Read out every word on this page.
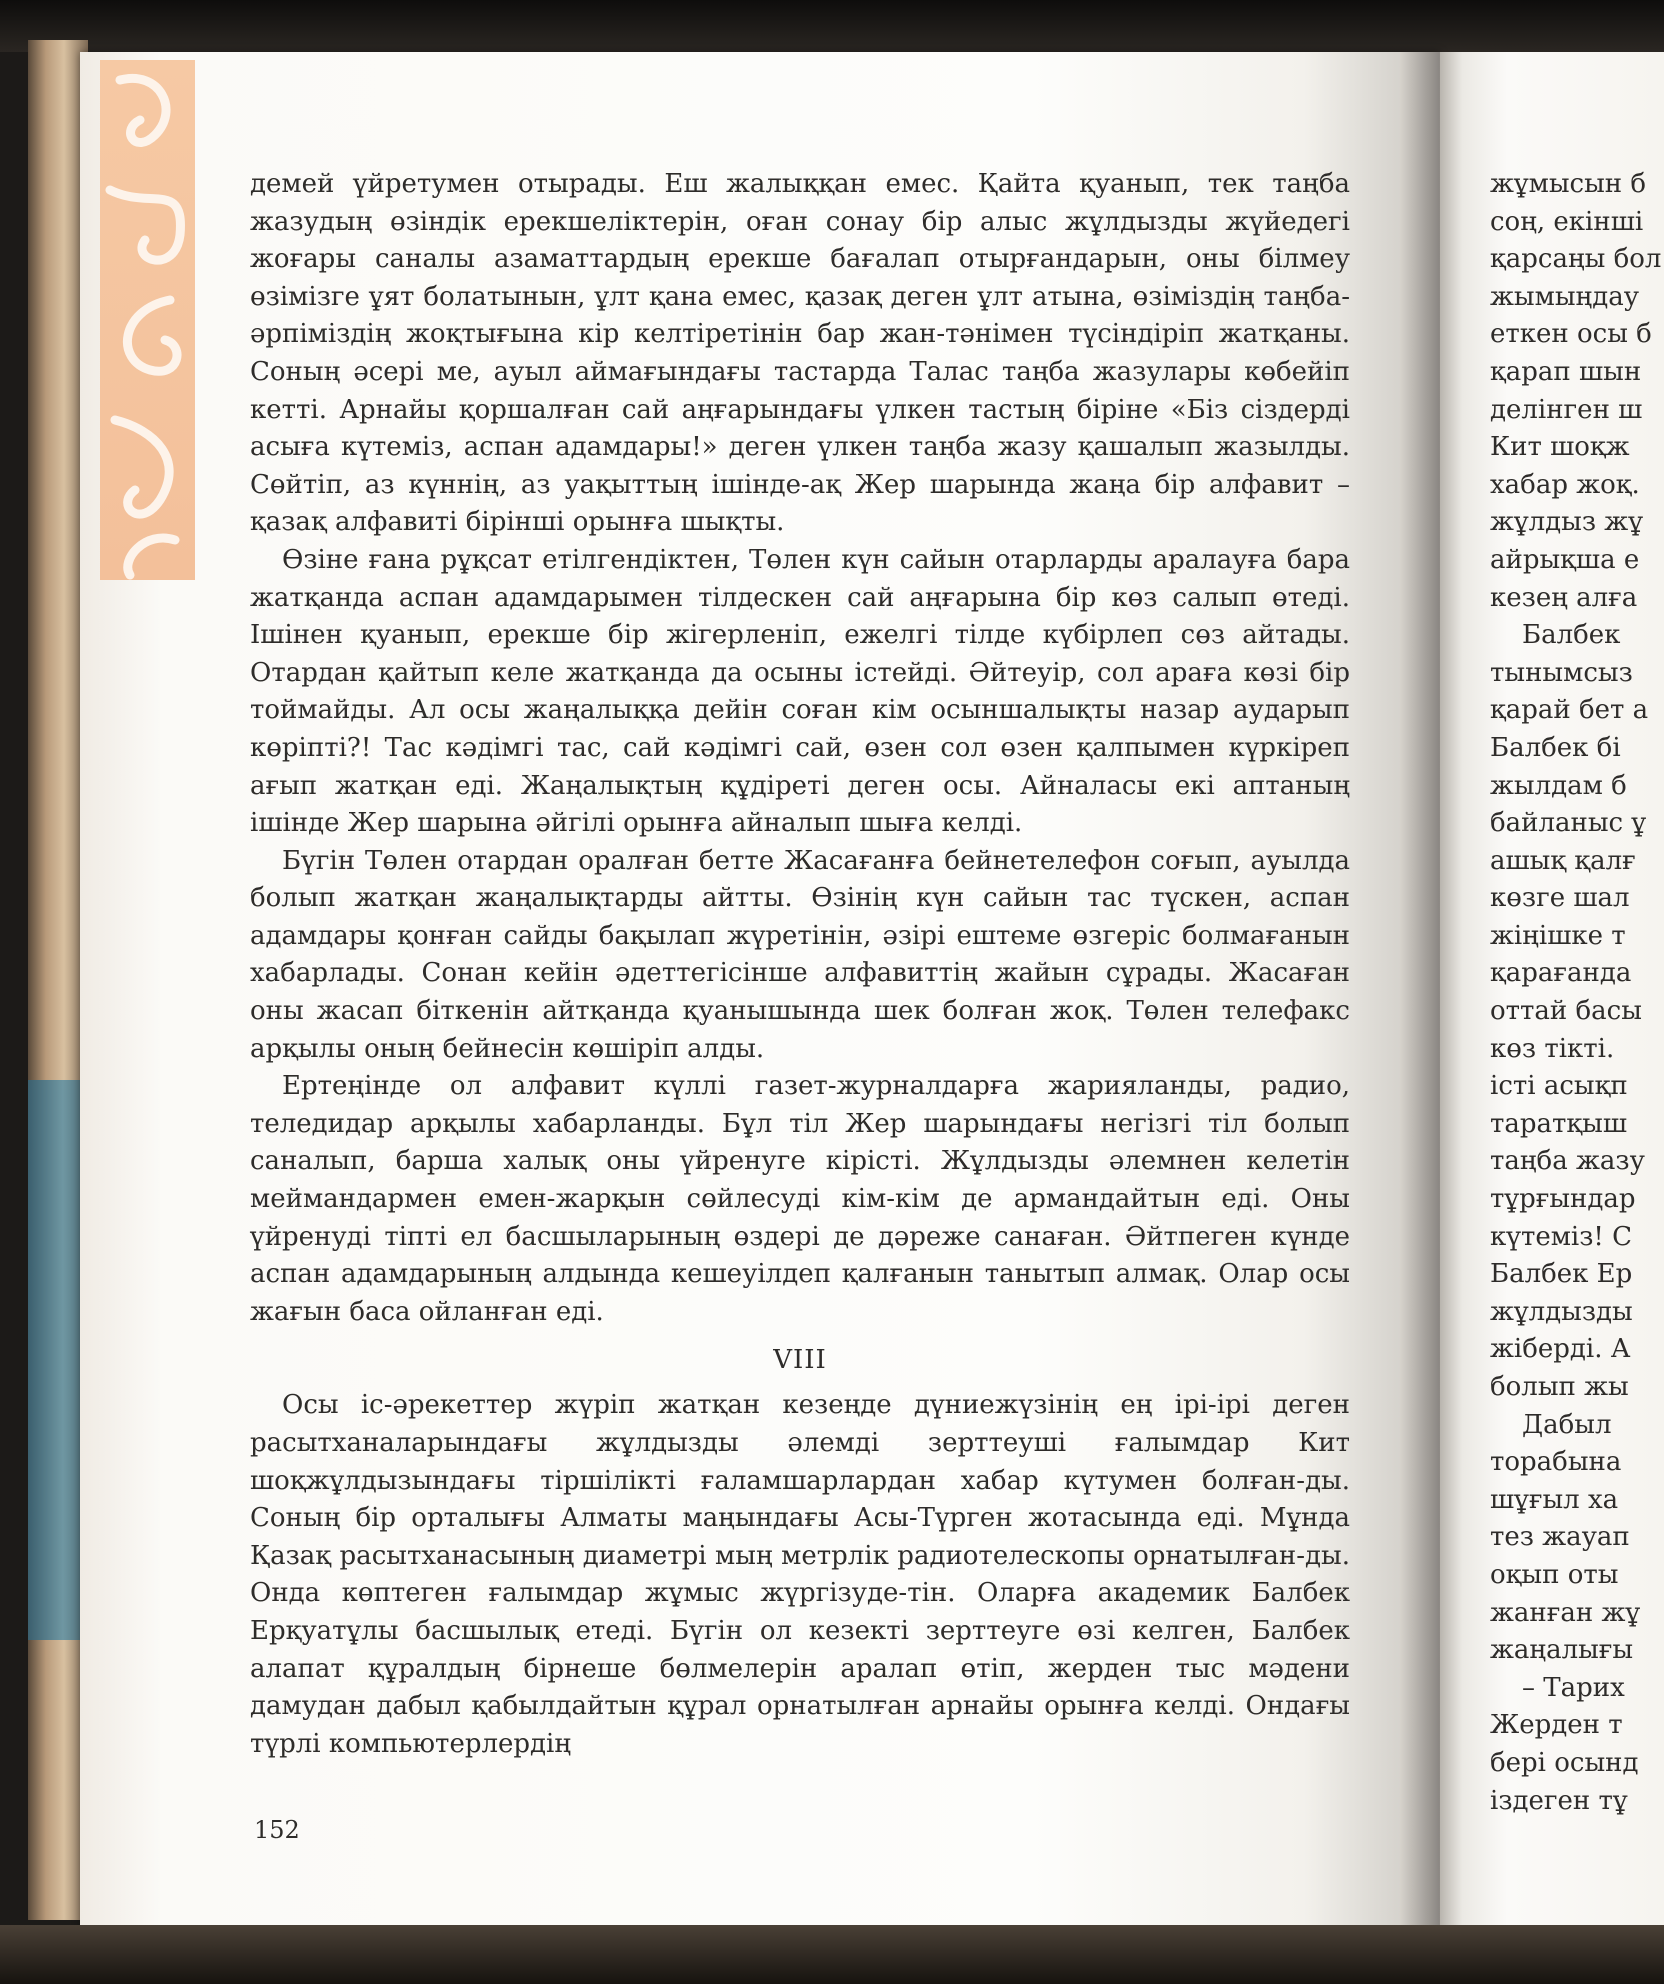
демей үйретумен отырады. Еш жалыққан емес. Қайта қуанып, тек таңба жазудың өзіндік ерекшеліктерін, оған сонау бір алыс жұлдызды жүйедегі жоғары саналы азаматтардың ерекше бағалап отырғандарын, оны білмеу өзімізге ұят болатынын, ұлт қана емес, қазақ деген ұлт атына, өзіміздің таңба-әрпіміздің жоқтығына кір келтіретінін бар жан-тәнімен түсіндіріп жатқаны. Соның әсері ме, ауыл аймағындағы тастарда Талас таңба жазулары көбейіп кетті. Арнайы қоршалған сай аңғарындағы үлкен тастың біріне «Біз сіздерді асыға күтеміз, аспан адамдары!» деген үлкен таңба жазу қашалып жазылды. Сөйтіп, аз күннің, аз уақыттың ішінде-ақ Жер шарында жаңа бір алфавит – қазақ алфавиті бірінші орынға шықты.

Өзіне ғана рұқсат етілгендіктен, Төлен күн сайын отарларды аралауға бара жатқанда аспан адамдарымен тілдескен сай аңғарына бір көз салып өтеді. Ішінен қуанып, ерекше бір жігерленіп, ежелгі тілде күбірлеп сөз айтады. Отардан қайтып келе жатқанда да осыны істейді. Әйтеуір, сол араға көзі бір тоймайды. Ал осы жаңалыққа дейін соған кім осыншалықты назар аударып көріпті?! Тас кәдімгі тас, сай кәдімгі сай, өзен сол өзен қалпымен күркіреп ағып жатқан еді. Жаңалықтың құдіреті деген осы. Айналасы екі аптаның ішінде Жер шарына әйгілі орынға айналып шыға келді.

Бүгін Төлен отардан оралған бетте Жасағанға бейнетелефон соғып, ауылда болып жатқан жаңалықтарды айтты. Өзінің күн сайын тас түскен, аспан адамдары қонған сайды бақылап жүретінін, әзірі ештеме өзгеріс болмағанын хабарлады. Сонан кейін әдеттегісінше алфавиттің жайын сұрады. Жасаған оны жасап біткенін айтқанда қуанышында шек болған жоқ. Төлен телефакс арқылы оның бейнесін көшіріп алды.

Ертеңінде ол алфавит күллі газет-журналдарға жарияланды, радио, теледидар арқылы хабарланды. Бұл тіл Жер шарындағы негізгі тіл болып саналып, барша халық оны үйренуге кірісті. Жұлдызды әлемнен келетін меймандармен емен-жарқын сөйлесуді кім-кім де армандайтын еді. Оны үйренуді тіпті ел басшыларының өздері де дәреже санаған. Әйтпеген күнде аспан адамдарының алдында кешеуілдеп қалғанын танытып алмақ. Олар осы жағын баса ойланған еді.

VIII

Осы іс-әрекеттер жүріп жатқан кезеңде дүниежүзінің ең ірі-ірі деген расытханаларындағы жұлдызды әлемді зерттеуші ғалымдар Кит шоқжұлдызындағы тіршілікті ғаламшарлардан хабар күтумен болған-ды. Соның бір орталығы Алматы маңындағы Асы-Түрген жотасында еді. Мұнда Қазақ расытханасының диаметрі мың метрлік радиотелескопы орнатылған-ды. Онда көптеген ғалымдар жұмыс жүргізуде-тін. Оларға академик Балбек Ерқуатұлы басшылық етеді. Бүгін ол кезекті зерттеуге өзі келген, Балбек алапат құралдың бірнеше бөлмелерін аралап өтіп, жерден тыс мәдени дамудан дабыл қабылдайтын құрал орнатылған арнайы орынға келді. Ондағы түрлі компьютерлердің

152
жұмысын б
соң, екінші
қарсаңы бол
жымыңдау
еткен осы б
қарап шын
делінген ш
Кит шоқж
хабар жоқ.
жұлдыз жұ
айрықша е
кезең алға
Балбек
тынымсыз
қарай бет а
Балбек бі
жылдам б
байланыс ұ
ашық қалғ
көзге шал
жіңішке т
қарағанда
оттай басы
көз тікті.
істі асықп
таратқыш
таңба жазу
тұрғындар
күтеміз! С
Балбек Ер
жұлдызды
жіберді. А
болып жы
Дабыл
торабына
шұғыл ха
тез жауап
оқып оты
жанған жұ
жаңалығы
– Тарих
Жерден т
бері осынд
іздеген тұ
